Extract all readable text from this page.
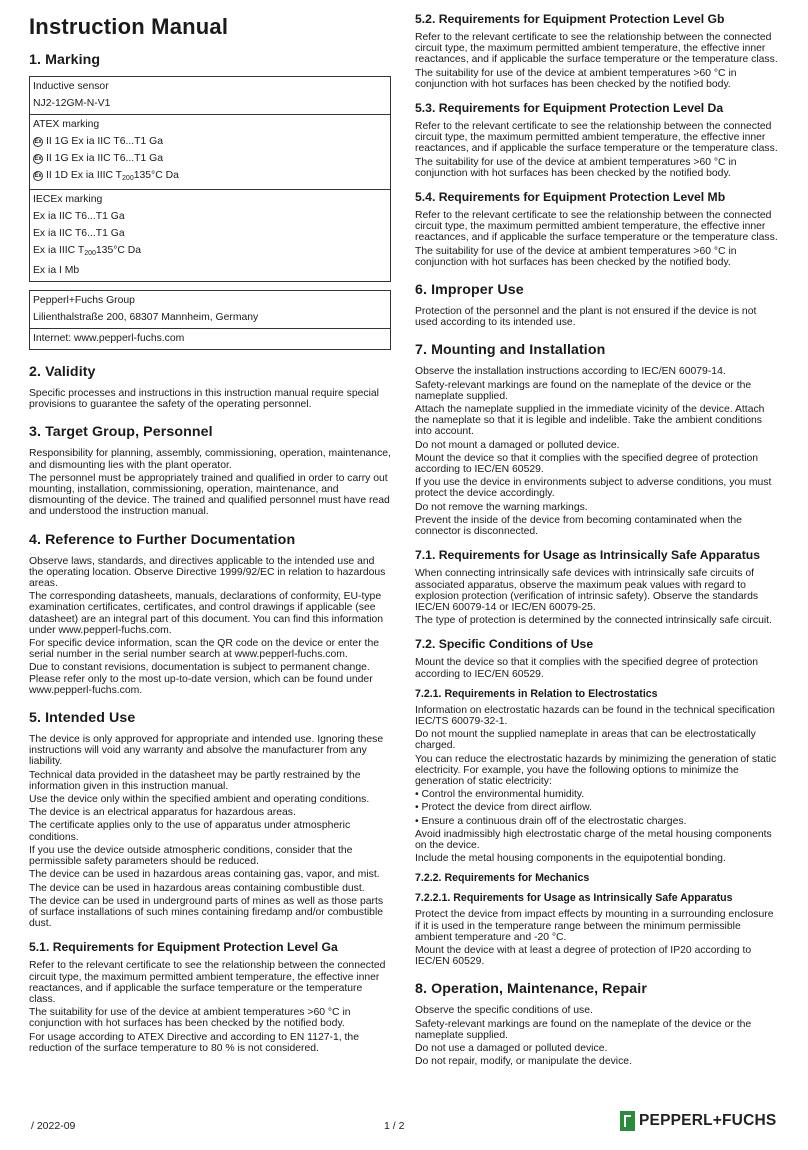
Instruction Manual
1. Marking
Inductive sensor
NJ2-12GM-N-V1
ATEX marking
Ex II 1G Ex ia IIC T6...T1 Ga
Ex II 1G Ex ia IIC T6...T1 Ga
Ex II 1D Ex ia IIIC $T_{200}135^\circ C$ Da
IECEx marking
Ex ia IIC T6...T1 Ga
Ex ia IIC T6...T1 Ga
Ex ia IIIC $T_{200}135^\circ C$ Da
Ex ia I Mb
Pepperl+Fuchs Group
Lilienthalstraße 200, 68307 Mannheim, Germany
Internet: www.pepperl-fuchs.com
2. Validity
Specific processes and instructions in this instruction manual require special provisions to guarantee the safety of the operating personnel.
3. Target Group, Personnel
Responsibility for planning, assembly, commissioning, operation, maintenance, and dismounting lies with the plant operator.
The personnel must be appropriately trained and qualified in order to carry out mounting, installation, commissioning, operation, maintenance, and dismounting of the device. The trained and qualified personnel must have read and understood the instruction manual.
4. Reference to Further Documentation
Observe laws, standards, and directives applicable to the intended use and the operating location. Observe Directive 1999/92/EC in relation to hazardous areas.
The corresponding datasheets, manuals, declarations of conformity, EU-type examination certificates, certificates, and control drawings if applicable (see datasheet) are an integral part of this document. You can find this information under www.pepperl-fuchs.com.
For specific device information, scan the QR code on the device or enter the serial number in the serial number search at www.pepperl-fuchs.com.
Due to constant revisions, documentation is subject to permanent change. Please refer only to the most up-to-date version, which can be found under www.pepperl-fuchs.com.
5. Intended Use
The device is only approved for appropriate and intended use. Ignoring these instructions will void any warranty and absolve the manufacturer from any liability.
Technical data provided in the datasheet may be partly restrained by the information given in this instruction manual.
Use the device only within the specified ambient and operating conditions.
The device is an electrical apparatus for hazardous areas.
The certificate applies only to the use of apparatus under atmospheric conditions.
If you use the device outside atmospheric conditions, consider that the permissible safety parameters should be reduced.
The device can be used in hazardous areas containing gas, vapor, and mist.
The device can be used in hazardous areas containing combustible dust.
The device can be used in underground parts of mines as well as those parts of surface installations of such mines containing firedamp and/or combustible dust.
5.1. Requirements for Equipment Protection Level Ga
Refer to the relevant certificate to see the relationship between the connected circuit type, the maximum permitted ambient temperature, the effective inner reactances, and if applicable the surface temperature or the temperature class.
The suitability for use of the device at ambient temperatures >60 °C in conjunction with hot surfaces has been checked by the notified body.
For usage according to ATEX Directive and according to EN 1127-1, the reduction of the surface temperature to 80 % is not considered.
5.2. Requirements for Equipment Protection Level Gb
Refer to the relevant certificate to see the relationship between the connected circuit type, the maximum permitted ambient temperature, the effective inner reactances, and if applicable the surface temperature or the temperature class.
The suitability for use of the device at ambient temperatures >60 °C in conjunction with hot surfaces has been checked by the notified body.
5.3. Requirements for Equipment Protection Level Da
Refer to the relevant certificate to see the relationship between the connected circuit type, the maximum permitted ambient temperature, the effective inner reactances, and if applicable the surface temperature or the temperature class.
The suitability for use of the device at ambient temperatures >60 °C in conjunction with hot surfaces has been checked by the notified body.
5.4. Requirements for Equipment Protection Level Mb
Refer to the relevant certificate to see the relationship between the connected circuit type, the maximum permitted ambient temperature, the effective inner reactances, and if applicable the surface temperature or the temperature class.
The suitability for use of the device at ambient temperatures >60 °C in conjunction with hot surfaces has been checked by the notified body.
6. Improper Use
Protection of the personnel and the plant is not ensured if the device is not used according to its intended use.
7. Mounting and Installation
Observe the installation instructions according to IEC/EN 60079-14.
Safety-relevant markings are found on the nameplate of the device or the nameplate supplied.
Attach the nameplate supplied in the immediate vicinity of the device. Attach the nameplate so that it is legible and indelible. Take the ambient conditions into account.
Do not mount a damaged or polluted device.
Mount the device so that it complies with the specified degree of protection according to IEC/EN 60529.
If you use the device in environments subject to adverse conditions, you must protect the device accordingly.
Do not remove the warning markings.
Prevent the inside of the device from becoming contaminated when the connector is disconnected.
7.1. Requirements for Usage as Intrinsically Safe Apparatus
When connecting intrinsically safe devices with intrinsically safe circuits of associated apparatus, observe the maximum peak values with regard to explosion protection (verification of intrinsic safety). Observe the standards IEC/EN 60079-14 or IEC/EN 60079-25.
The type of protection is determined by the connected intrinsically safe circuit.
7.2. Specific Conditions of Use
Mount the device so that it complies with the specified degree of protection according to IEC/EN 60529.
7.2.1. Requirements in Relation to Electrostatics
Information on electrostatic hazards can be found in the technical specification IEC/TS 60079-32-1.
Do not mount the supplied nameplate in areas that can be electrostatically charged.
You can reduce the electrostatic hazards by minimizing the generation of static electricity. For example, you have the following options to minimize the generation of static electricity:
• Control the environmental humidity.
• Protect the device from direct airflow.
• Ensure a continuous drain off of the electrostatic charges.
Avoid inadmissibly high electrostatic charge of the metal housing components on the device.
Include the metal housing components in the equipotential bonding.
7.2.2. Requirements for Mechanics
7.2.2.1. Requirements for Usage as Intrinsically Safe Apparatus
Protect the device from impact effects by mounting in a surrounding enclosure if it is used in the temperature range between the minimum permissible ambient temperature and -20 °C.
Mount the device with at least a degree of protection of IP20 according to IEC/EN 60529.
8. Operation, Maintenance, Repair
Observe the specific conditions of use.
Safety-relevant markings are found on the nameplate of the device or the nameplate supplied.
Do not use a damaged or polluted device.
Do not repair, modify, or manipulate the device.
/ 2022-09	1 / 2	PEPPERL+FUCHS
